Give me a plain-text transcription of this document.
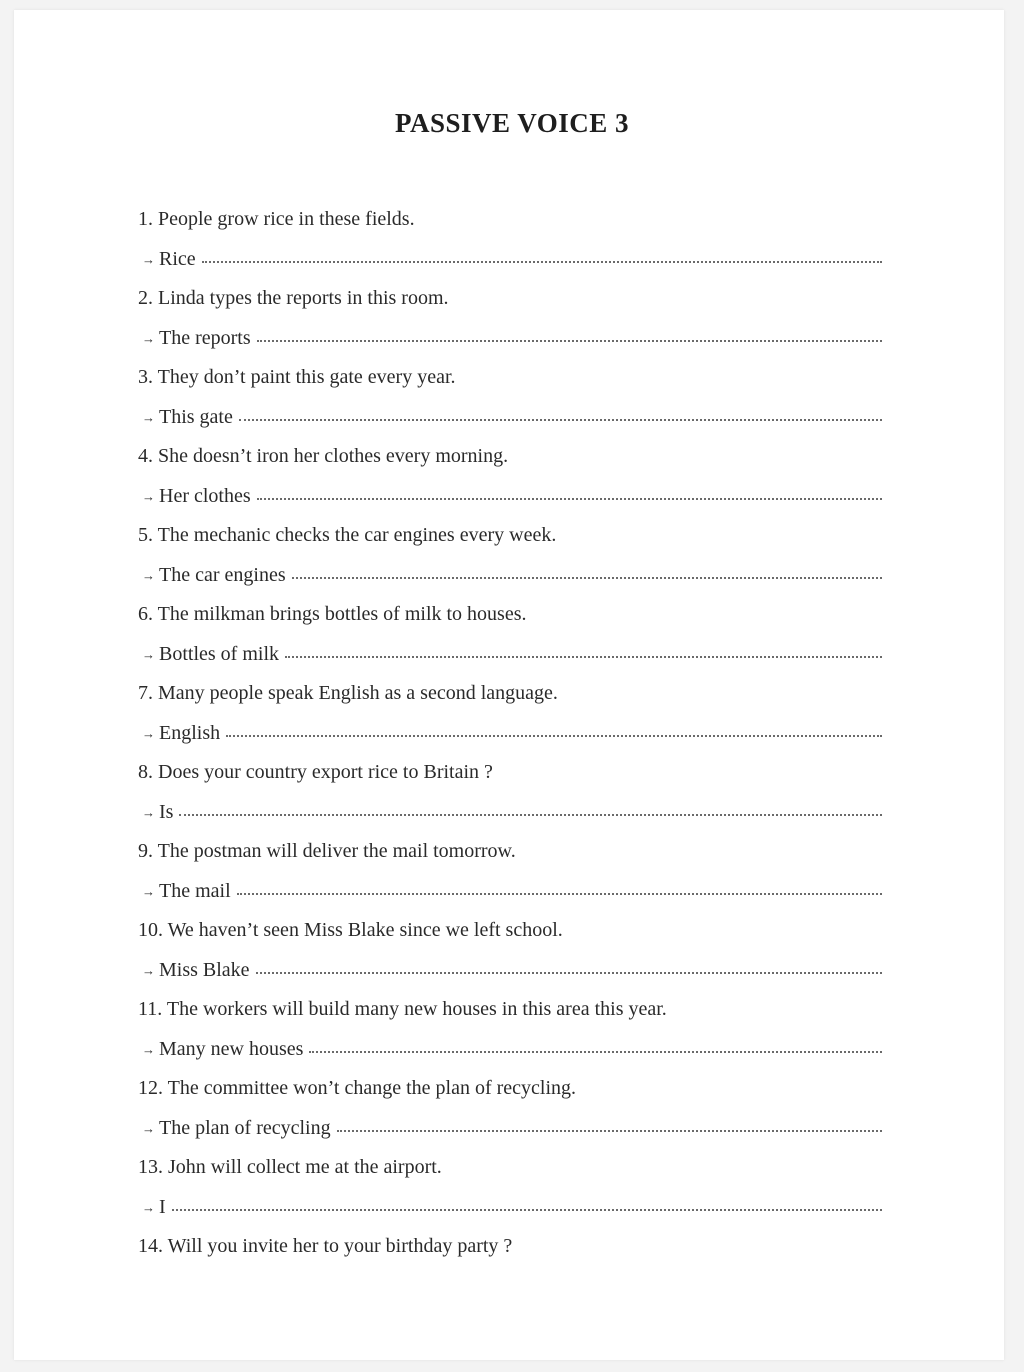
PASSIVE VOICE 3
1. People grow rice in these fields.
→ Rice
2. Linda types the reports in this room.
→ The reports
3. They don’t paint this gate every year.
→ This gate
4. She doesn’t iron her clothes every morning.
→ Her clothes
5. The mechanic checks the car engines every week.
→ The car engines
6. The milkman brings bottles of milk to houses.
→ Bottles of milk
7. Many people speak English as a second language.
→ English
8. Does your country export rice to Britain ?
→ Is
9. The postman will deliver the mail tomorrow.
→ The mail
10. We haven’t seen Miss Blake since we left school.
→ Miss Blake
11. The workers will build many new houses in this area this year.
→ Many new houses
12. The committee won’t change the plan of recycling.
→ The plan of recycling
13. John will collect me at the airport.
→ I
14. Will you invite her to your birthday party ?
